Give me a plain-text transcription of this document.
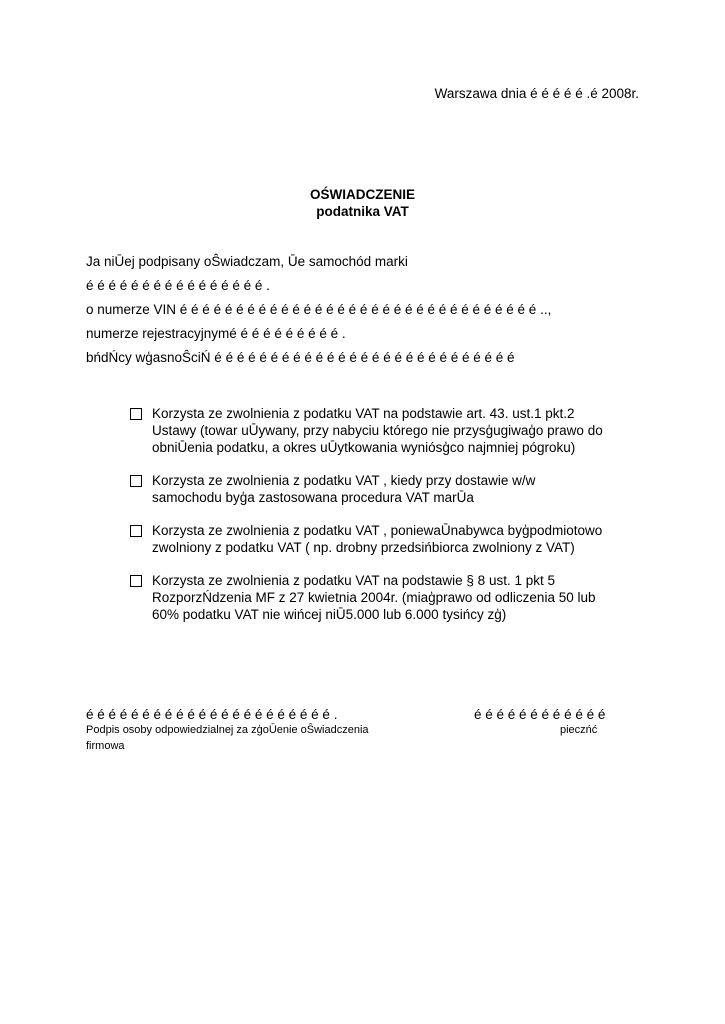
Warszawa dnia é é é é é .é 2008r.
OŚWIADCZENIE
podatnika VAT
Ja niŪej podpisany oŜwiadczam, Ūe samochód marki
é é é é é é é é é é é é é é é é .
o numerze VIN é é é é é é é é é é é é é é é é é é é é é é é é é é é é é é é é ..,
numerze rejestracyjnymé é é é é é é é é é .
bńdŃcy wģasnoŜciŃ é é é é é é é é é é é é é é é é é é é é é é é é é é é
Korzysta ze zwolnienia z podatku VAT na podstawie art. 43. ust.1 pkt.2
Ustawy (towar uŪywany, przy nabyciu którego nie przysģugiwaģo prawo do
obniŪenia podatku, a okres uŪytkowania wyniósģco najmniej pógroku)
Korzysta ze zwolnienia z podatku VAT , kiedy przy dostawie w/w
samochodu byģa zastosowana procedura VAT marŪa
Korzysta ze zwolnienia z podatku VAT , poniewaŪnabywca byģpodmiotowo
zwolniony z podatku VAT ( np. drobny przedsińbiorca zwolniony z VAT)
Korzysta ze zwolnienia z podatku VAT na podstawie § 8 ust. 1 pkt 5
RozporzŃdzenia MF z 27 kwietnia 2004r. (miaģprawo od odliczenia 50 lub
60% podatku VAT nie wińcej niŪ5.000 lub 6.000 tysińcy zģ)
é é é é é é é é é é é é é é é é é é é é é é .	é é é é é é é é é é é é
Podpis osoby odpowiedzialnej za zģoŪenie oŜwiadczenia	pieczńć
firmowa
